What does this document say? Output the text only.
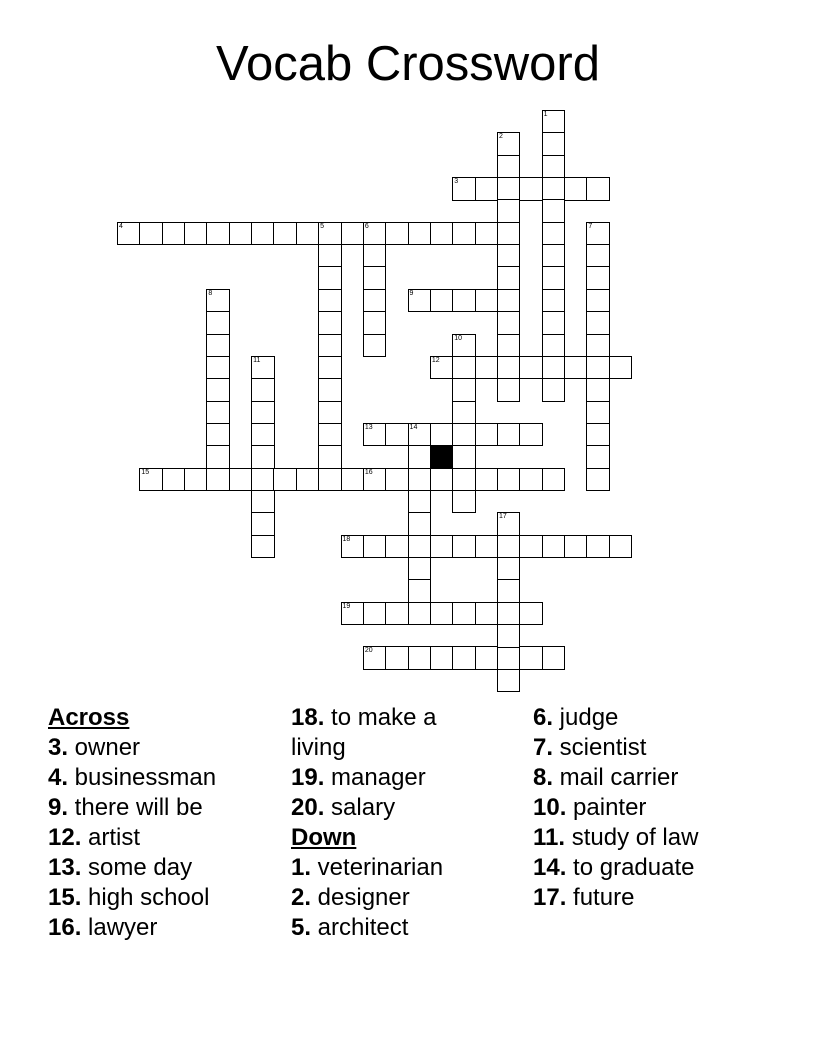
Vocab Crossword
3
4	5	6
9
12
13	14
15	16
18
19
20
1
2
7
8
10
11
17
Across
3. owner
4. businessman
9. there will be
12. artist
13. some day
15. high school
16. lawyer
18. to make a living
19. manager
20. salary
Down
1. veterinarian
2. designer
5. architect
6. judge
7. scientist
8. mail carrier
10. painter
11. study of law
14. to graduate
17. future
